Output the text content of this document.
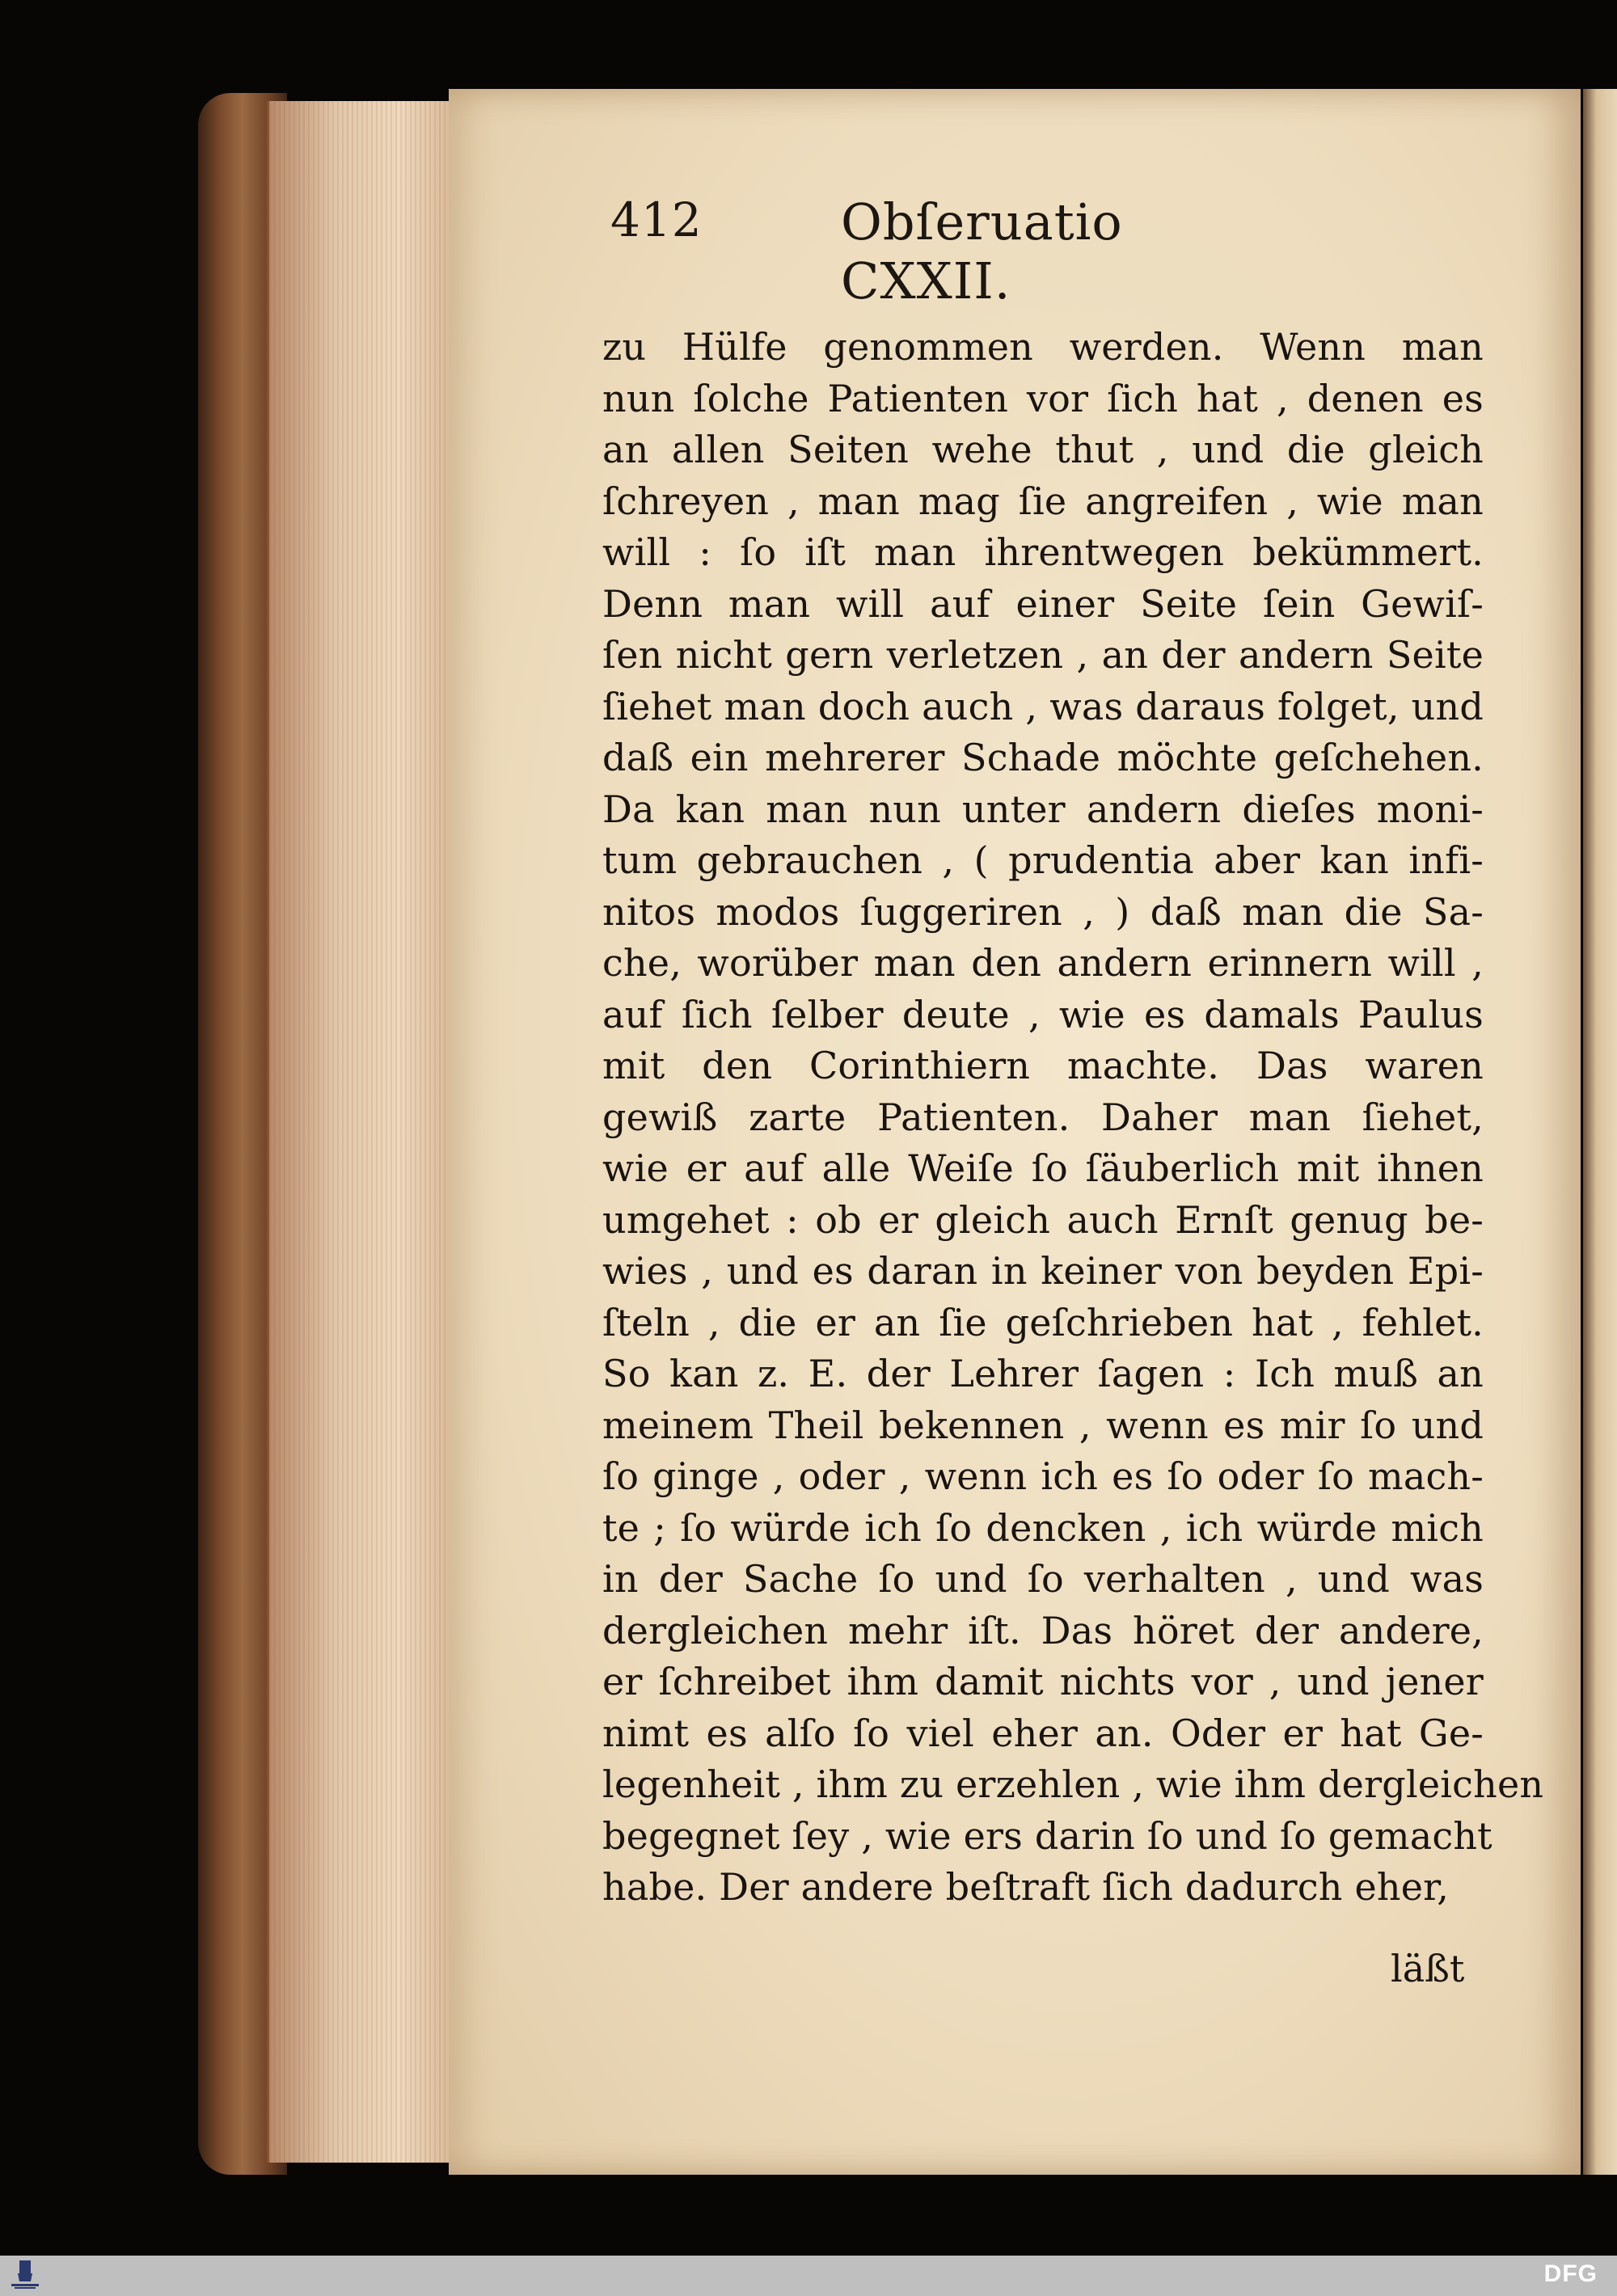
412	Obſeruatio CXXII.
zu Hülfe genommen werden. Wenn man
nun ſolche Patienten vor ſich hat , denen es
an allen Seiten wehe thut , und die gleich
ſchreyen , man mag ſie angreifen , wie man
will : ſo iſt man ihrentwegen bekümmert.
Denn man will auf einer Seite ſein Gewiſ-
ſen nicht gern verletzen , an der andern Seite
ſiehet man doch auch , was daraus folget, und
daß ein mehrerer Schade möchte geſchehen.
Da kan man nun unter andern dieſes moni-
tum gebrauchen , ( prudentia aber kan infi-
nitos modos ſuggeriren , ) daß man die Sa-
che, worüber man den andern erinnern will ,
auf ſich ſelber deute , wie es damals Paulus
mit den Corinthiern machte. Das waren
gewiß zarte Patienten. Daher man ſiehet,
wie er auf alle Weiſe ſo ſäuberlich mit ihnen
umgehet : ob er gleich auch Ernſt genug be-
wies , und es daran in keiner von beyden Epi-
ſteln , die er an ſie geſchrieben hat , fehlet.
So kan z. E. der Lehrer ſagen : Ich muß an
meinem Theil bekennen , wenn es mir ſo und
ſo ginge , oder , wenn ich es ſo oder ſo mach-
te ; ſo würde ich ſo dencken , ich würde mich
in der Sache ſo und ſo verhalten , und was
dergleichen mehr iſt. Das höret der andere,
er ſchreibet ihm damit nichts vor , und jener
nimt es alſo ſo viel eher an. Oder er hat Ge-
legenheit , ihm zu erzehlen , wie ihm dergleichen
begegnet ſey , wie ers darin ſo und ſo gemacht
habe. Der andere beſtraft ſich dadurch eher,
läßt
DFG
